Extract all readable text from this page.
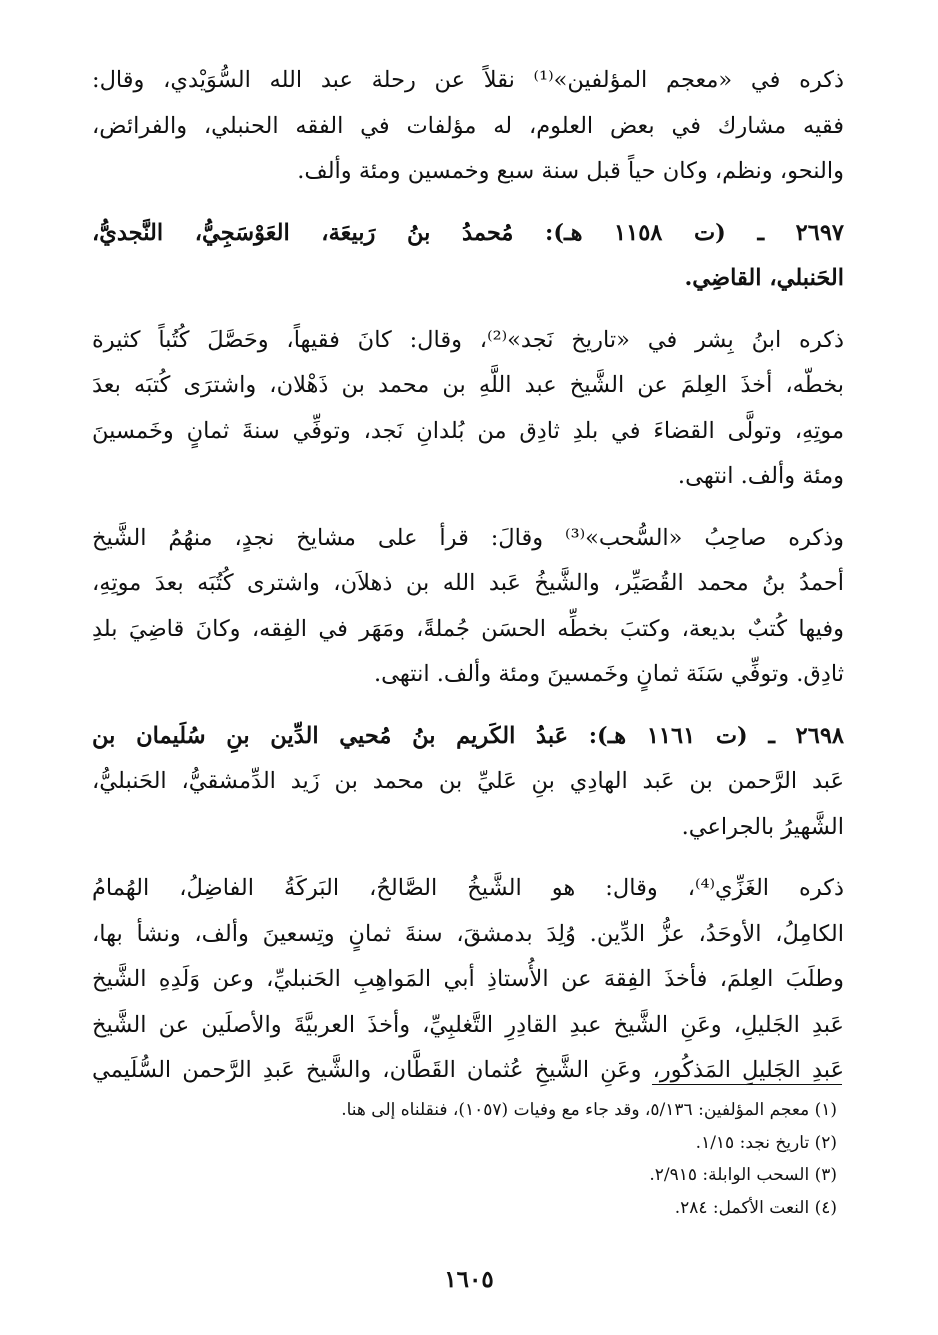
ذكره في «معجم المؤلفين»⁽¹⁾ نقلاً عن رحلة عبد الله السُّوَيْدي، وقال:
فقيه مشارك في بعض العلوم، له مؤلفات في الفقه الحنبلي، والفرائض،
والنحو، ونظم، وكان حياً قبل سنة سبع وخمسين ومئة وألف.
٢٦٩٧ ـ (ت ١١٥٨ هـ): مُحمدُ بنُ رَبيعَة، العَوْسَجِيُّ، النَّجديُّ،
الحَنبلي، القاضِي.
ذكره ابنُ بِشر في «تاريخ نَجد»⁽²⁾، وقال: كانَ فقيهاً، وحَصَّلَ كُتُباً كثيرة
بخطّه، أخذَ العِلمَ عن الشَّيخ عبد اللَّهِ بن محمد بن ذَهْلان، واشترَى كُتبَه بعدَ
موتِهِ، وتولَّى القضاءَ في بلدِ ثادِق من بُلدانِ نَجد، وتوفِّي سنةَ ثمانٍ وخَمسينَ
ومئة وألف. انتهى.
وذكره صاحِبُ «السُّحب»⁽³⁾ وقالَ: قرأ على مشايخ نجدٍ، منهُمُ الشَّيخ
أحمدُ بنُ محمد القُصَيِّر، والشَّيخُ عَبد الله بن ذهلاَن، واشترى كُتُبَه بعدَ موتِهِ،
وفيها كُتبٌ بديعة، وكتبَ بخطِّه الحسَن جُملةً، ومَهَر في الفِقه، وكانَ قاضِيَ بلدِ
ثادِق. وتوفِّي سَنَة ثمانٍ وخَمسينَ ومئة وألف. انتهى.
٢٦٩٨ ـ (ت ١١٦١ هـ): عَبدُ الكَريم بنُ مُحيي الدِّين بنِ سُلَيمان بن
عَبد الرَّحمن بن عَبد الهادِي بنِ عَليِّ بن محمد بن زَيد الدِّمشقيُّ، الحَنبليُّ،
الشَّهيرُ بالجراعي.
ذكره الغَزِّي⁽⁴⁾، وقال: هو الشَّيخُ الصَّالحُ، البَركَةُ الفاضِلُ، الهُمامُ
الكامِلُ، الأوحَدُ، عزُّ الدِّين. وُلِدَ بدمشقَ، سنةَ ثمانٍ وتِسعينَ وألف، ونشأ بها،
وطلَبَ العِلمَ، فأخذَ الفِقهَ عن الأُستاذِ أبي المَواهِبِ الحَنبليِّ، وعن وَلَدِهِ الشَّيخ
عَبدِ الجَليلِ، وعَنِ الشَّيخ عبدِ القادِرِ التَّغلبِيِّ، وأخذَ العربيَّةَ والأصلَين عن الشَّيخ
عَبدِ الجَليلِ المَذكُور، وعَنِ الشَّيخِ عُثمان القَطَّان، والشَّيخ عَبدِ الرَّحمن السُّلَيمي
(١) معجم المؤلفين: ٥/١٣٦، وقد جاء مع وفيات (١٠٥٧)، فنقلناه إلى هنا.
(٢) تاريخ نجد: ١/١٥.
(٣) السحب الوابلة: ٢/٩١٥.
(٤) النعت الأكمل: ٢٨٤.
١٦٠٥
